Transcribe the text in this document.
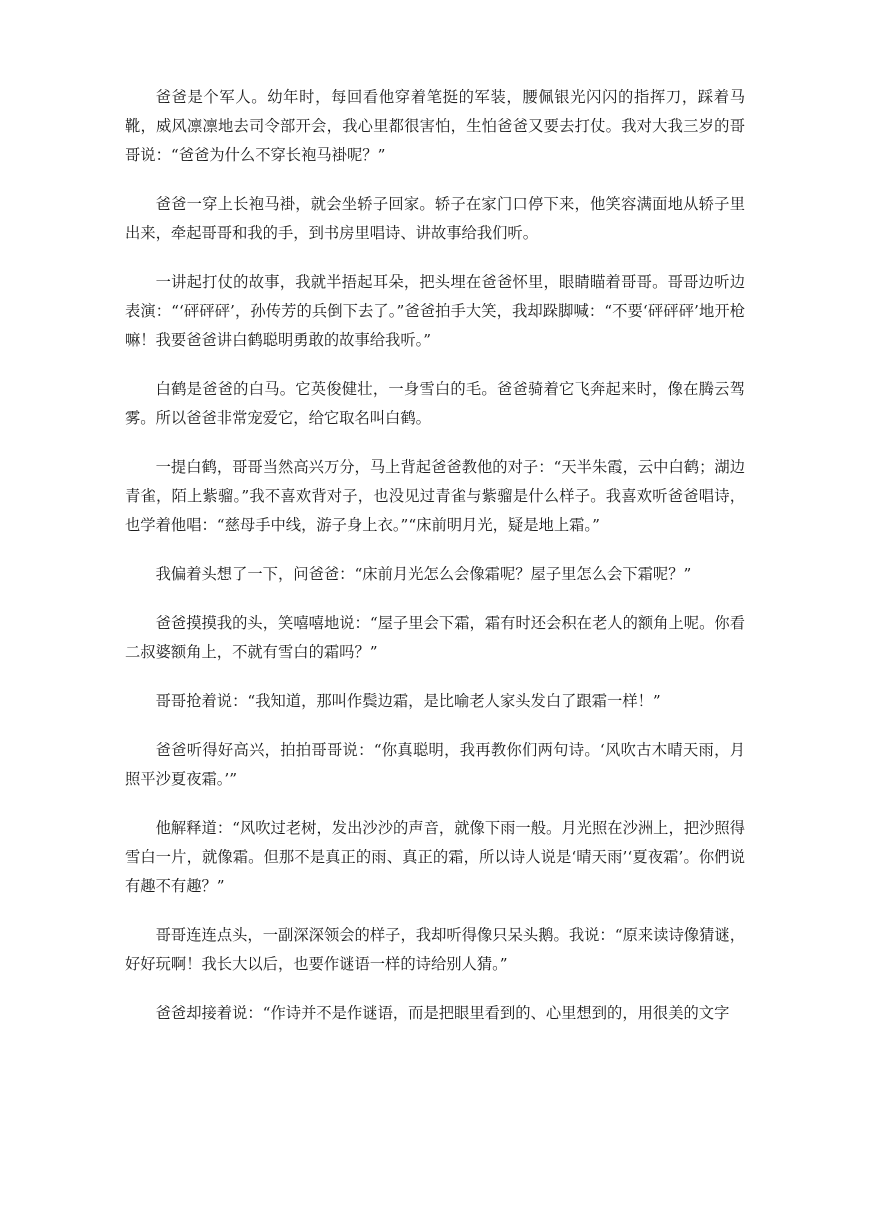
爸爸是个军人。幼年时，每回看他穿着笔挺的军装，腰佩银光闪闪的指挥刀，踩着马靴，威风凛凛地去司令部开会，我心里都很害怕，生怕爸爸又要去打仗。我对大我三岁的哥哥说：“爸爸为什么不穿长袍马褂呢？”

爸爸一穿上长袍马褂，就会坐轿子回家。轿子在家门口停下来，他笑容满面地从轿子里出来，牵起哥哥和我的手，到书房里唱诗、讲故事给我们听。

一讲起打仗的故事，我就半捂起耳朵，把头埋在爸爸怀里，眼睛瞄着哥哥。哥哥边听边表演：“‘砰砰砰’，孙传芳的兵倒下去了。”爸爸拍手大笑，我却跺脚喊：“不要‘砰砰砰’地开枪嘛！我要爸爸讲白鹤聪明勇敢的故事给我听。”

白鹤是爸爸的白马。它英俊健壮，一身雪白的毛。爸爸骑着它飞奔起来时，像在腾云驾雾。所以爸爸非常宠爱它，给它取名叫白鹤。

一提白鹤，哥哥当然高兴万分，马上背起爸爸教他的对子：“天半朱霞，云中白鹤；湖边青雀，陌上紫骝。”我不喜欢背对子，也没见过青雀与紫骝是什么样子。我喜欢听爸爸唱诗，也学着他唱：“慈母手中线，游子身上衣。”“床前明月光，疑是地上霜。”

我偏着头想了一下，问爸爸：“床前月光怎么会像霜呢？屋子里怎么会下霜呢？”

爸爸摸摸我的头，笑嘻嘻地说：“屋子里会下霜，霜有时还会积在老人的额角上呢。你看二叔婆额角上，不就有雪白的霜吗？”

哥哥抢着说：“我知道，那叫作鬓边霜，是比喻老人家头发白了跟霜一样！”

爸爸听得好高兴，拍拍哥哥说：“你真聪明，我再教你们两句诗。‘风吹古木晴天雨，月照平沙夏夜霜。’”

他解释道：“风吹过老树，发出沙沙的声音，就像下雨一般。月光照在沙洲上，把沙照得雪白一片，就像霜。但那不是真正的雨、真正的霜，所以诗人说是‘晴天雨’‘夏夜霜’。你們说有趣不有趣？”

哥哥连连点头，一副深深领会的样子，我却听得像只呆头鹅。我说：“原来读诗像猜谜，好好玩啊！我长大以后，也要作谜语一样的诗给别人猜。”

爸爸却接着说：“作诗并不是作谜语，而是把眼里看到的、心里想到的，用很美的文字
